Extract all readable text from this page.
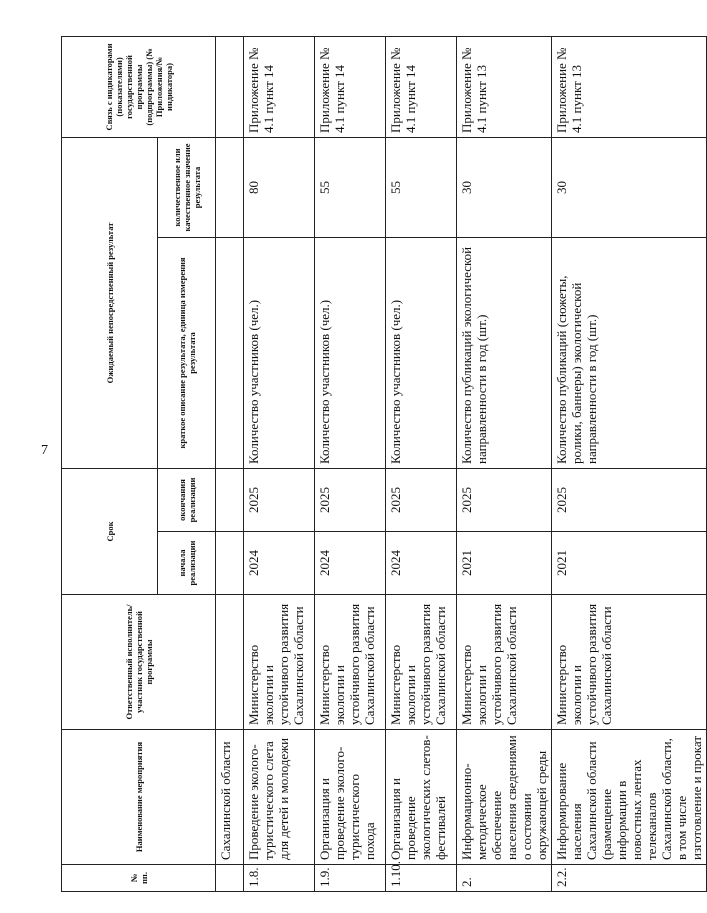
7
№ пп.	Наименование мероприятия	Ответственный исполнитель/участник государственной программы	Срок		Ожидаемый непосредственный результат		Связь с индикаторами (показателями) государственной программы (подпрограммы) (№ Приложения/№ индикатора)
			начала реализации	окончания реализации	краткое описание результата, единица измерения результата	количественное или качественное значение результата	
	Сахалинской области						
1.8.	Проведение эколого-туристического слета для детей и молодежи	Министерство экологии и устойчивого развития Сахалинской области	2024	2025	Количество участников (чел.)	80	Приложение № 4.1 пункт 14
1.9.	Организация и проведение эколого-туристического похода	Министерство экологии и устойчивого развития Сахалинской области	2024	2025	Количество участников (чел.)	55	Приложение № 4.1 пункт 14
1.10.	Организация и проведение экологических слетов-фестивалей	Министерство экологии и устойчивого развития Сахалинской области	2024	2025	Количество участников (чел.)	55	Приложение № 4.1 пункт 14
2.	Информационно-методическое обеспечение населения сведениями о состоянии окружающей среды	Министерство экологии и устойчивого развития Сахалинской области	2021	2025	Количество публикаций экологической направленности в год (шт.)	30	Приложение № 4.1 пункт 13
2.2.	Информирование населения Сахалинской области (размещение информации в новостных лентах телеканалов Сахалинской области, в том числе изготовление и прокат	Министерство экологии и устойчивого развития Сахалинской области	2021	2025	Количество публикаций (сюжеты, ролики, баннеры) экологической направленности в год (шт.)	30	Приложение № 4.1 пункт 13
